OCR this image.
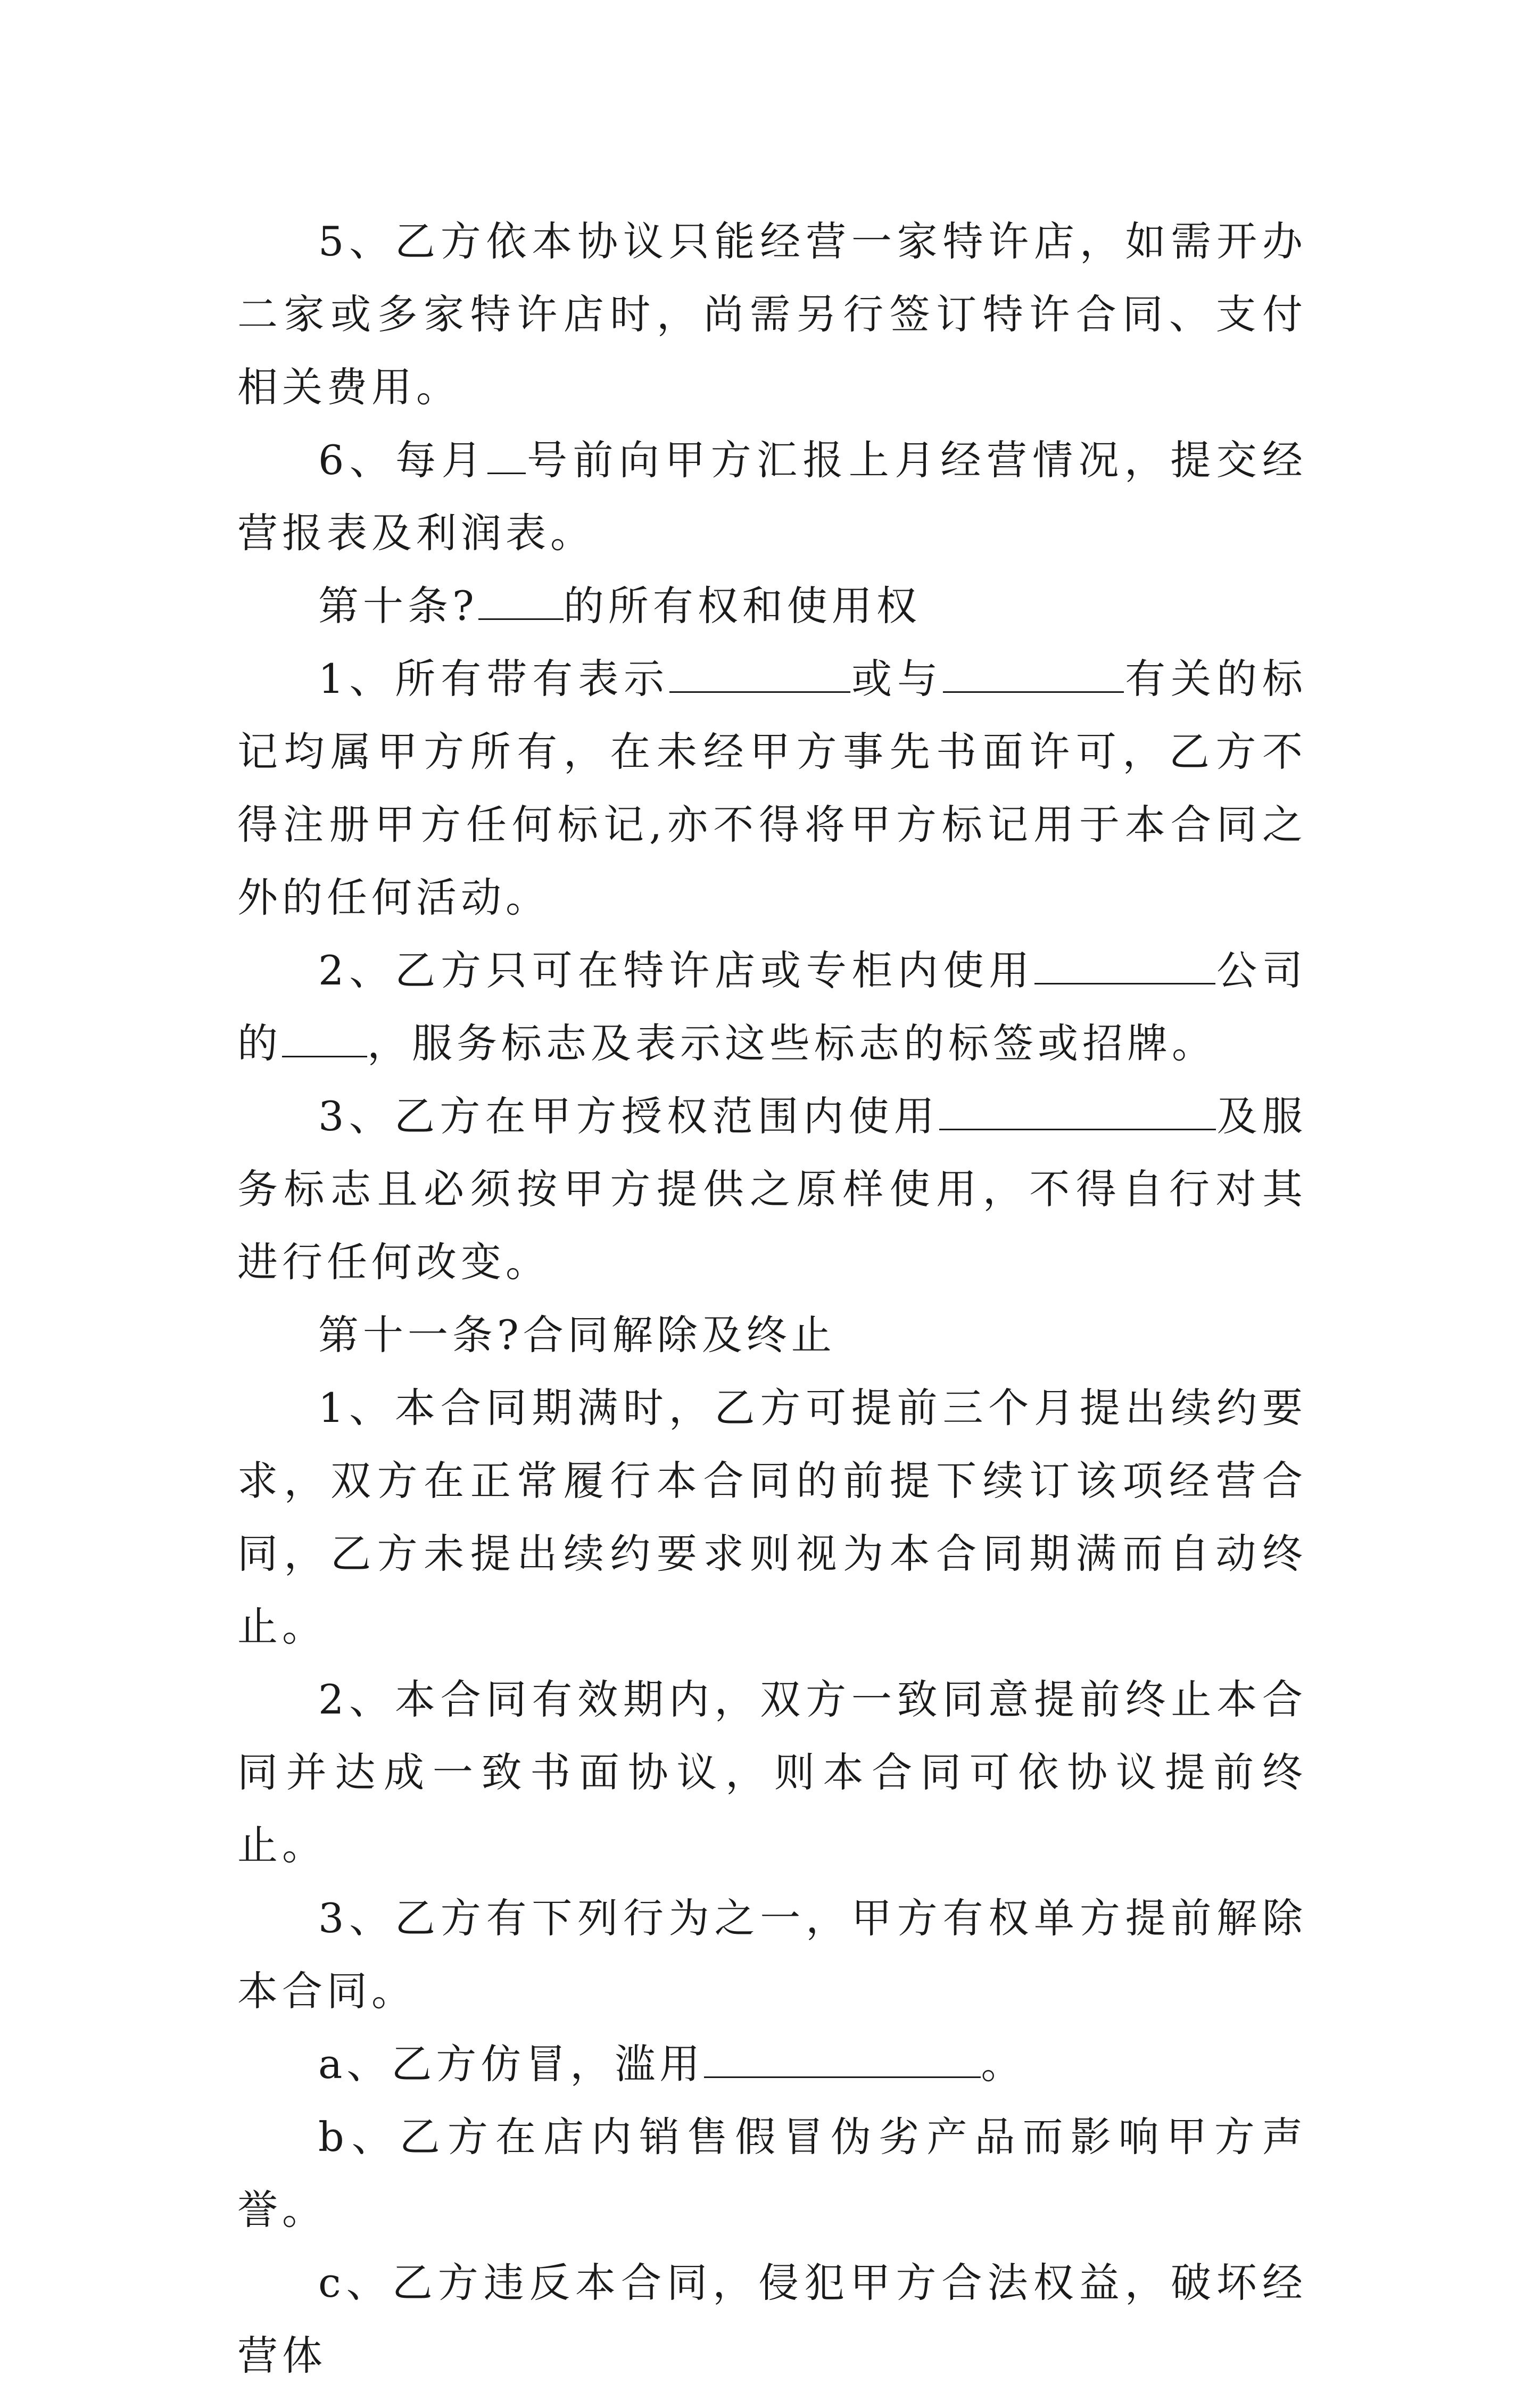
5、乙方依本协议只能经营一家特许店，如需开办二家或多家特许店时，尚需另行签订特许合同、支付相关费用。

6、每月 号前向甲方汇报上月经营情况，提交经营报表及利润表。

第十条? 的所有权和使用权

1、所有带有表示	或与	有关的标记均属甲方所有，在未经甲方事先书面许可，乙方不得注册甲方任何标记,亦不得将甲方标记用于本合同之外的任何活动。

2、乙方只可在特许店或专柜内使用	公司的 ，服务标志及表示这些标志的标签或招牌。

3、乙方在甲方授权范围内使用	及服务标志且必须按甲方提供之原样使用，不得自行对其进行任何改变。

第十一条?合同解除及终止

1、本合同期满时，乙方可提前三个月提出续约要求，双方在正常履行本合同的前提下续订该项经营合同，乙方未提出续约要求则视为本合同期满而自动终止。

2、本合同有效期内，双方一致同意提前终止本合同并达成一致书面协议，则本合同可依协议提前终止。

3、乙方有下列行为之一，甲方有权单方提前解除本合同。

a、乙方仿冒，滥用	。

b、乙方在店内销售假冒伪劣产品而影响甲方声誉。

c、乙方违反本合同，侵犯甲方合法权益，破坏经营体
